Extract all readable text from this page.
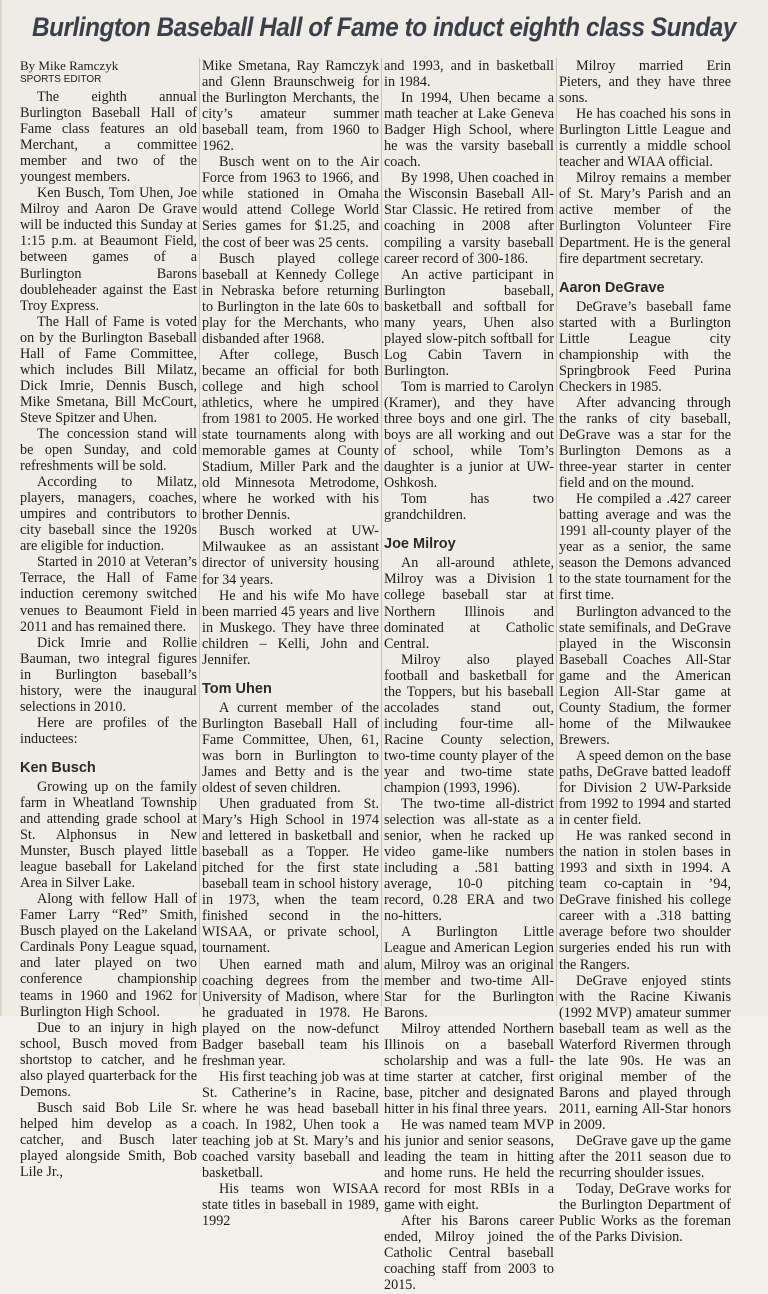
Burlington Baseball Hall of Fame to induct eighth class Sunday
By Mike Ramczyk
SPORTS EDITOR

The eighth annual Burlington Baseball Hall of Fame class features an old Merchant, a committee member and two of the youngest members.

Ken Busch, Tom Uhen, Joe Milroy and Aaron De Grave will be inducted this Sunday at 1:15 p.m. at Beaumont Field, between games of a Burlington Barons doubleheader against the East Troy Express.

The Hall of Fame is voted on by the Burlington Baseball Hall of Fame Committee, which includes Bill Milatz, Dick Imrie, Dennis Busch, Mike Smetana, Bill McCourt, Steve Spitzer and Uhen.

The concession stand will be open Sunday, and cold refreshments will be sold.

According to Milatz, players, managers, coaches, umpires and contributors to city baseball since the 1920s are eligible for induction.

Started in 2010 at Veteran’s Terrace, the Hall of Fame induction ceremony switched venues to Beaumont Field in 2011 and has remained there.

Dick Imrie and Rollie Bauman, two integral figures in Burlington baseball’s history, were the inaugural selections in 2010.

Here are profiles of the inductees:

Ken Busch

Growing up on the family farm in Wheatland Township and attending grade school at St. Alphonsus in New Munster, Busch played little league baseball for Lakeland Area in Silver Lake.

Along with fellow Hall of Famer Larry “Red” Smith, Busch played on the Lakeland Cardinals Pony League squad, and later played on two conference championship teams in 1960 and 1962 for Burlington High School.

Due to an injury in high school, Busch moved from shortstop to catcher, and he also played quarterback for the Demons.

Busch said Bob Lile Sr. helped him develop as a catcher, and Busch later played alongside Smith, Bob Lile Jr.,

Mike Smetana, Ray Ramczyk and Glenn Braunschweig for the Burlington Merchants, the city’s amateur summer baseball team, from 1960 to 1962.

Busch went on to the Air Force from 1963 to 1966, and while stationed in Omaha would attend College World Series games for $1.25, and the cost of beer was 25 cents.

Busch played college baseball at Kennedy College in Nebraska before returning to Burlington in the late 60s to play for the Merchants, who disbanded after 1968.

After college, Busch became an official for both college and high school athletics, where he umpired from 1981 to 2005. He worked state tournaments along with memorable games at County Stadium, Miller Park and the old Minnesota Metrodome, where he worked with his brother Dennis.

Busch worked at UW-Milwaukee as an assistant director of university housing for 34 years.

He and his wife Mo have been married 45 years and live in Muskego. They have three children – Kelli, John and Jennifer.

Tom Uhen

A current member of the Burlington Baseball Hall of Fame Committee, Uhen, 61, was born in Burlington to James and Betty and is the oldest of seven children.

Uhen graduated from St. Mary’s High School in 1974 and lettered in basketball and baseball as a Topper. He pitched for the first state baseball team in school history in 1973, when the team finished second in the WISAA, or private school, tournament.

Uhen earned math and coaching degrees from the University of Madison, where he graduated in 1978. He played on the now-defunct Badger baseball team his freshman year.

His first teaching job was at St. Catherine’s in Racine, where he was head baseball coach. In 1982, Uhen took a teaching job at St. Mary’s and coached varsity baseball and basketball.

His teams won WISAA state titles in baseball in 1989, 1992

and 1993, and in basketball in 1984.

In 1994, Uhen became a math teacher at Lake Geneva Badger High School, where he was the varsity baseball coach.

By 1998, Uhen coached in the Wisconsin Baseball All-Star Classic. He retired from coaching in 2008 after compiling a varsity baseball career record of 300-186.

An active participant in Burlington baseball, basketball and softball for many years, Uhen also played slow-pitch softball for Log Cabin Tavern in Burlington.

Tom is married to Carolyn (Kramer), and they have three boys and one girl. The boys are all working and out of school, while Tom’s daughter is a junior at UW-Oshkosh.

Tom has two grandchildren.

Joe Milroy

An all-around athlete, Milroy was a Division 1 college baseball star at Northern Illinois and dominated at Catholic Central.

Milroy also played football and basketball for the Toppers, but his baseball accolades stand out, including four-time all-Racine County selection, two-time county player of the year and two-time state champion (1993, 1996).

The two-time all-district selection was all-state as a senior, when he racked up video game-like numbers including a .581 batting average, 10-0 pitching record, 0.28 ERA and two no-hitters.

A Burlington Little League and American Legion alum, Milroy was an original member and two-time All-Star for the Burlington Barons.

Milroy attended Northern Illinois on a baseball scholarship and was a full-time starter at catcher, first base, pitcher and designated hitter in his final three years.

He was named team MVP his junior and senior seasons, leading the team in hitting and home runs. He held the record for most RBIs in a game with eight.

After his Barons career ended, Milroy joined the Catholic Central baseball coaching staff from 2003 to 2015.

Milroy married Erin Pieters, and they have three sons.

He has coached his sons in Burlington Little League and is currently a middle school teacher and WIAA official.

Milroy remains a member of St. Mary’s Parish and an active member of the Burlington Volunteer Fire Department. He is the general fire department secretary.

Aaron DeGrave

DeGrave’s baseball fame started with a Burlington Little League city championship with the Springbrook Feed Purina Checkers in 1985.

After advancing through the ranks of city baseball, DeGrave was a star for the Burlington Demons as a three-year starter in center field and on the mound.

He compiled a .427 career batting average and was the 1991 all-county player of the year as a senior, the same season the Demons advanced to the state tournament for the first time.

Burlington advanced to the state semifinals, and DeGrave played in the Wisconsin Baseball Coaches All-Star game and the American Legion All-Star game at County Stadium, the former home of the Milwaukee Brewers.

A speed demon on the base paths, DeGrave batted leadoff for Division 2 UW-Parkside from 1992 to 1994 and started in center field.

He was ranked second in the nation in stolen bases in 1993 and sixth in 1994. A team co-captain in ’94, DeGrave finished his college career with a .318 batting average before two shoulder surgeries ended his run with the Rangers.

DeGrave enjoyed stints with the Racine Kiwanis (1992 MVP) amateur summer baseball team as well as the Waterford Rivermen through the late 90s. He was an original member of the Barons and played through 2011, earning All-Star honors in 2009.

DeGrave gave up the game after the 2011 season due to recurring shoulder issues.

Today, DeGrave works for the Burlington Department of Public Works as the foreman of the Parks Division.
